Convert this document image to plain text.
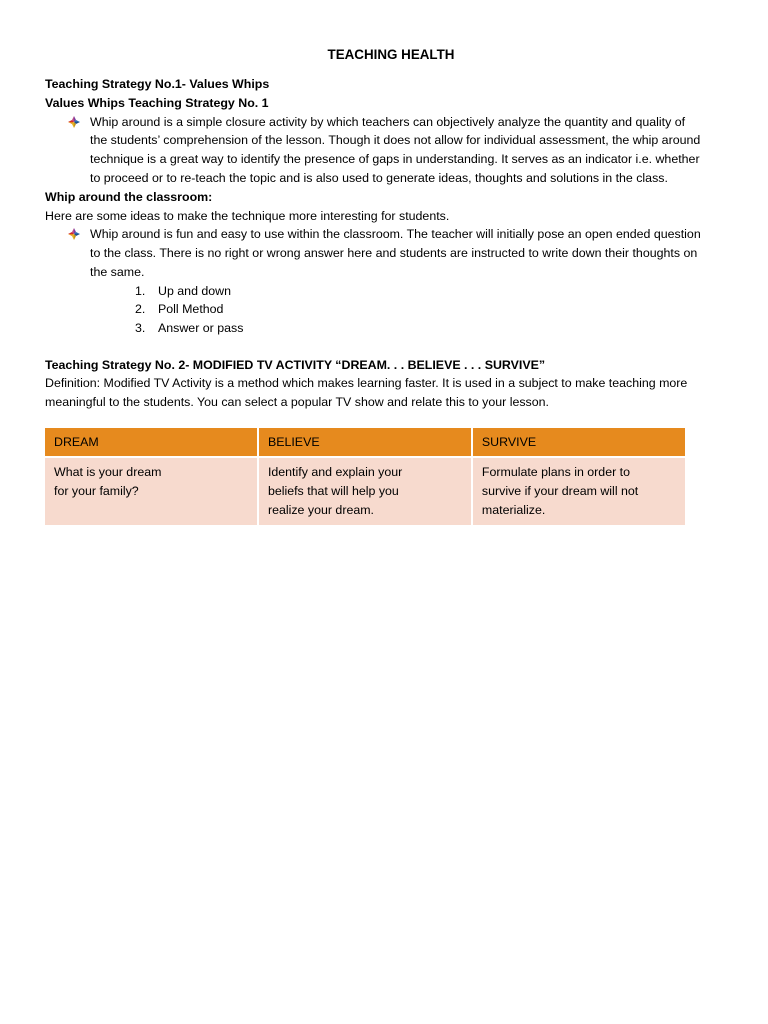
TEACHING HEALTH

Teaching Strategy No.1- Values Whips

Values Whips Teaching Strategy No. 1

Whip around is a simple closure activity by which teachers can objectively analyze the quantity and quality of
the students’ comprehension of the lesson. Though it does not allow for individual assessment, the whip around
technique is a great way to identify the presence of gaps in understanding. It serves as an indicator i.e. whether
to proceed or to re-teach the topic and is also used to generate ideas, thoughts and solutions in the class.

Whip around the classroom:

Here are some ideas to make the technique more interesting for students.

Whip around is fun and easy to use within the classroom. The teacher will initially pose an open ended question
to the class. There is no right or wrong answer here and students are instructed to write down their thoughts on
the same.
1. Up and down
2. Poll Method
3. Answer or pass

Teaching Strategy No. 2- MODIFIED TV ACTIVITY “DREAM. . . BELIEVE . . . SURVIVE”

Definition: Modified TV Activity is a method which makes learning faster. It is used in a subject to make teaching more

meaningful to the students. You can select a popular TV show and relate this to your lesson.

DREAM	BELIEVE	SURVIVE

What is your dream
for your family?	Identify and explain your
beliefs that will help you
realize your dream.	Formulate plans in order to
survive if your dream will not
materialize.
